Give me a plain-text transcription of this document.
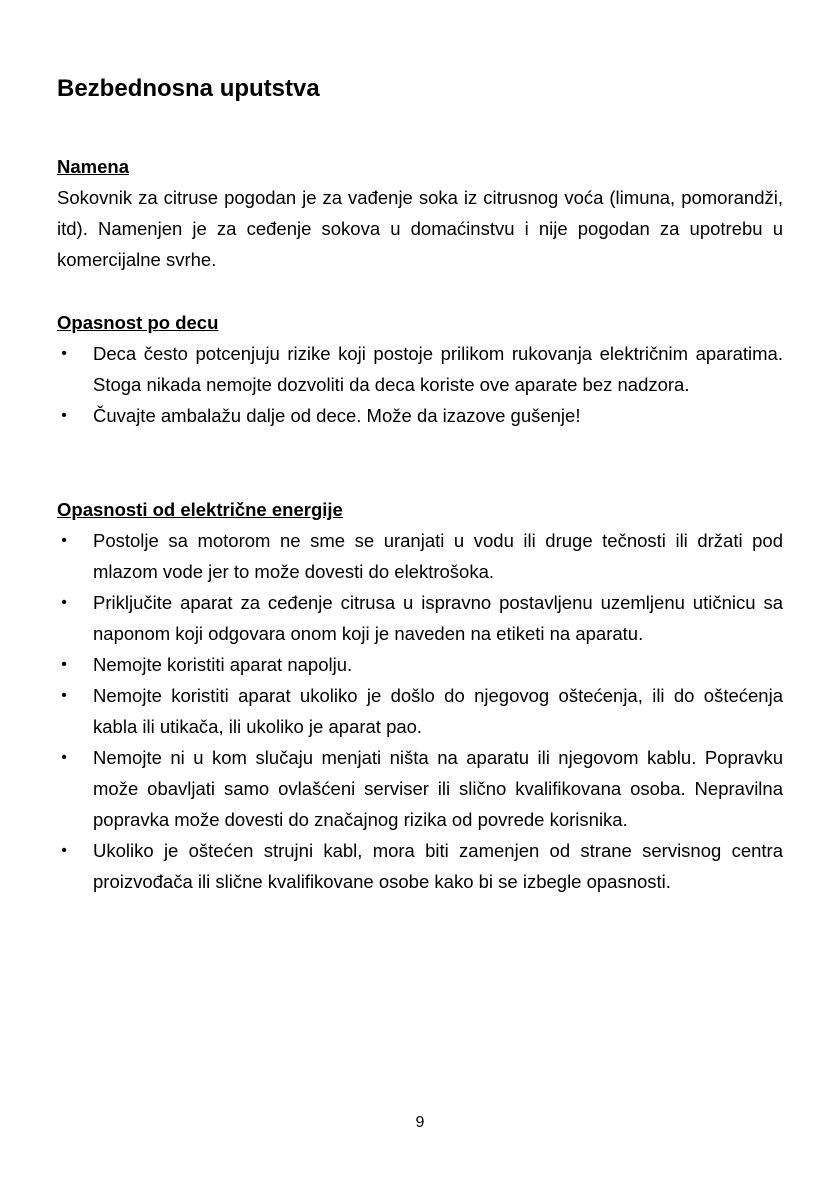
Bezbednosna uputstva
Namena

Sokovnik za citruse pogodan je za vađenje soka iz citrusnog voća (limuna, pomorandži, itd). Namenjen je za ceđenje sokova u domaćinstvu i nije pogodan za upotrebu u komercijalne svrhe.

Opasnost po decu
• Deca često potcenjuju rizike koji postoje prilikom rukovanja električnim aparatima. Stoga nikada nemojte dozvoliti da deca koriste ove aparate bez nadzora.
• Čuvajte ambalažu dalje od dece. Može da izazove gušenje!
Opasnosti od električne energije
• Postolje sa motorom ne sme se uranjati u vodu ili druge tečnosti ili držati pod mlazom vode jer to može dovesti do elektrošoka.
• Priključite aparat za ceđenje citrusa u ispravno postavljenu uzemljenu utičnicu sa naponom koji odgovara onom koji je naveden na etiketi na aparatu.
• Nemojte koristiti aparat napolju.
• Nemojte koristiti aparat ukoliko je došlo do njegovog oštećenja, ili do oštećenja kabla ili utikača, ili ukoliko je aparat pao.
• Nemojte ni u kom slučaju menjati ništa na aparatu ili njegovom kablu. Popravku može obavljati samo ovlašćeni serviser ili slično kvalifikovana osoba. Nepravilna popravka može dovesti do značajnog rizika od povrede korisnika.
• Ukoliko je oštećen strujni kabl, mora biti zamenjen od strane servisnog centra proizvođača ili slične kvalifikovane osobe kako bi se izbegle opasnosti.
9
